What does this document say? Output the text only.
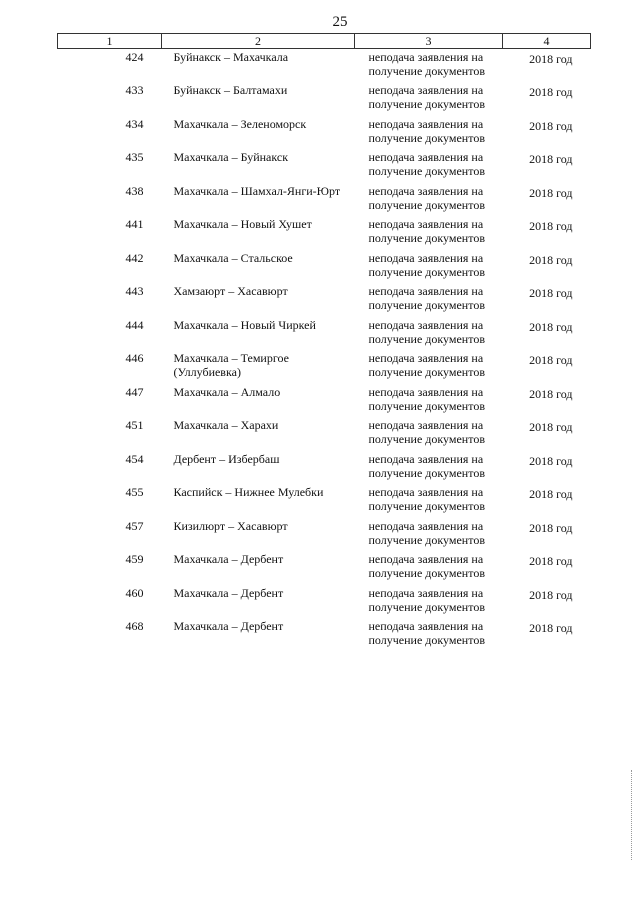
25
1	2	3	4
424	Буйнакск – Махачкала	неподача заявления на получение документов	2018 год
433	Буйнакск – Балтамахи	неподача заявления на получение документов	2018 год
434	Махачкала – Зеленоморск	неподача заявления на получение документов	2018 год
435	Махачкала – Буйнакск	неподача заявления на получение документов	2018 год
438	Махачкала – Шамхал-Янги-Юрт	неподача заявления на получение документов	2018 год
441	Махачкала – Новый Хушет	неподача заявления на получение документов	2018 год
442	Махачкала – Стальское	неподача заявления на получение документов	2018 год
443	Хамзаюрт – Хасавюрт	неподача заявления на получение документов	2018 год
444	Махачкала – Новый Чиркей	неподача заявления на получение документов	2018 год
446	Махачкала – Темиргое (Уллубиевка)	неподача заявления на получение документов	2018 год
447	Махачкала – Алмало	неподача заявления на получение документов	2018 год
451	Махачкала – Харахи	неподача заявления на получение документов	2018 год
454	Дербент – Избербаш	неподача заявления на получение документов	2018 год
455	Каспийск – Нижнее Мулебки	неподача заявления на получение документов	2018 год
457	Кизилюрт – Хасавюрт	неподача заявления на получение документов	2018 год
459	Махачкала – Дербент	неподача заявления на получение документов	2018 год
460	Махачкала – Дербент	неподача заявления на получение документов	2018 год
468	Махачкала – Дербент	неподача заявления на получение документов	2018 год
